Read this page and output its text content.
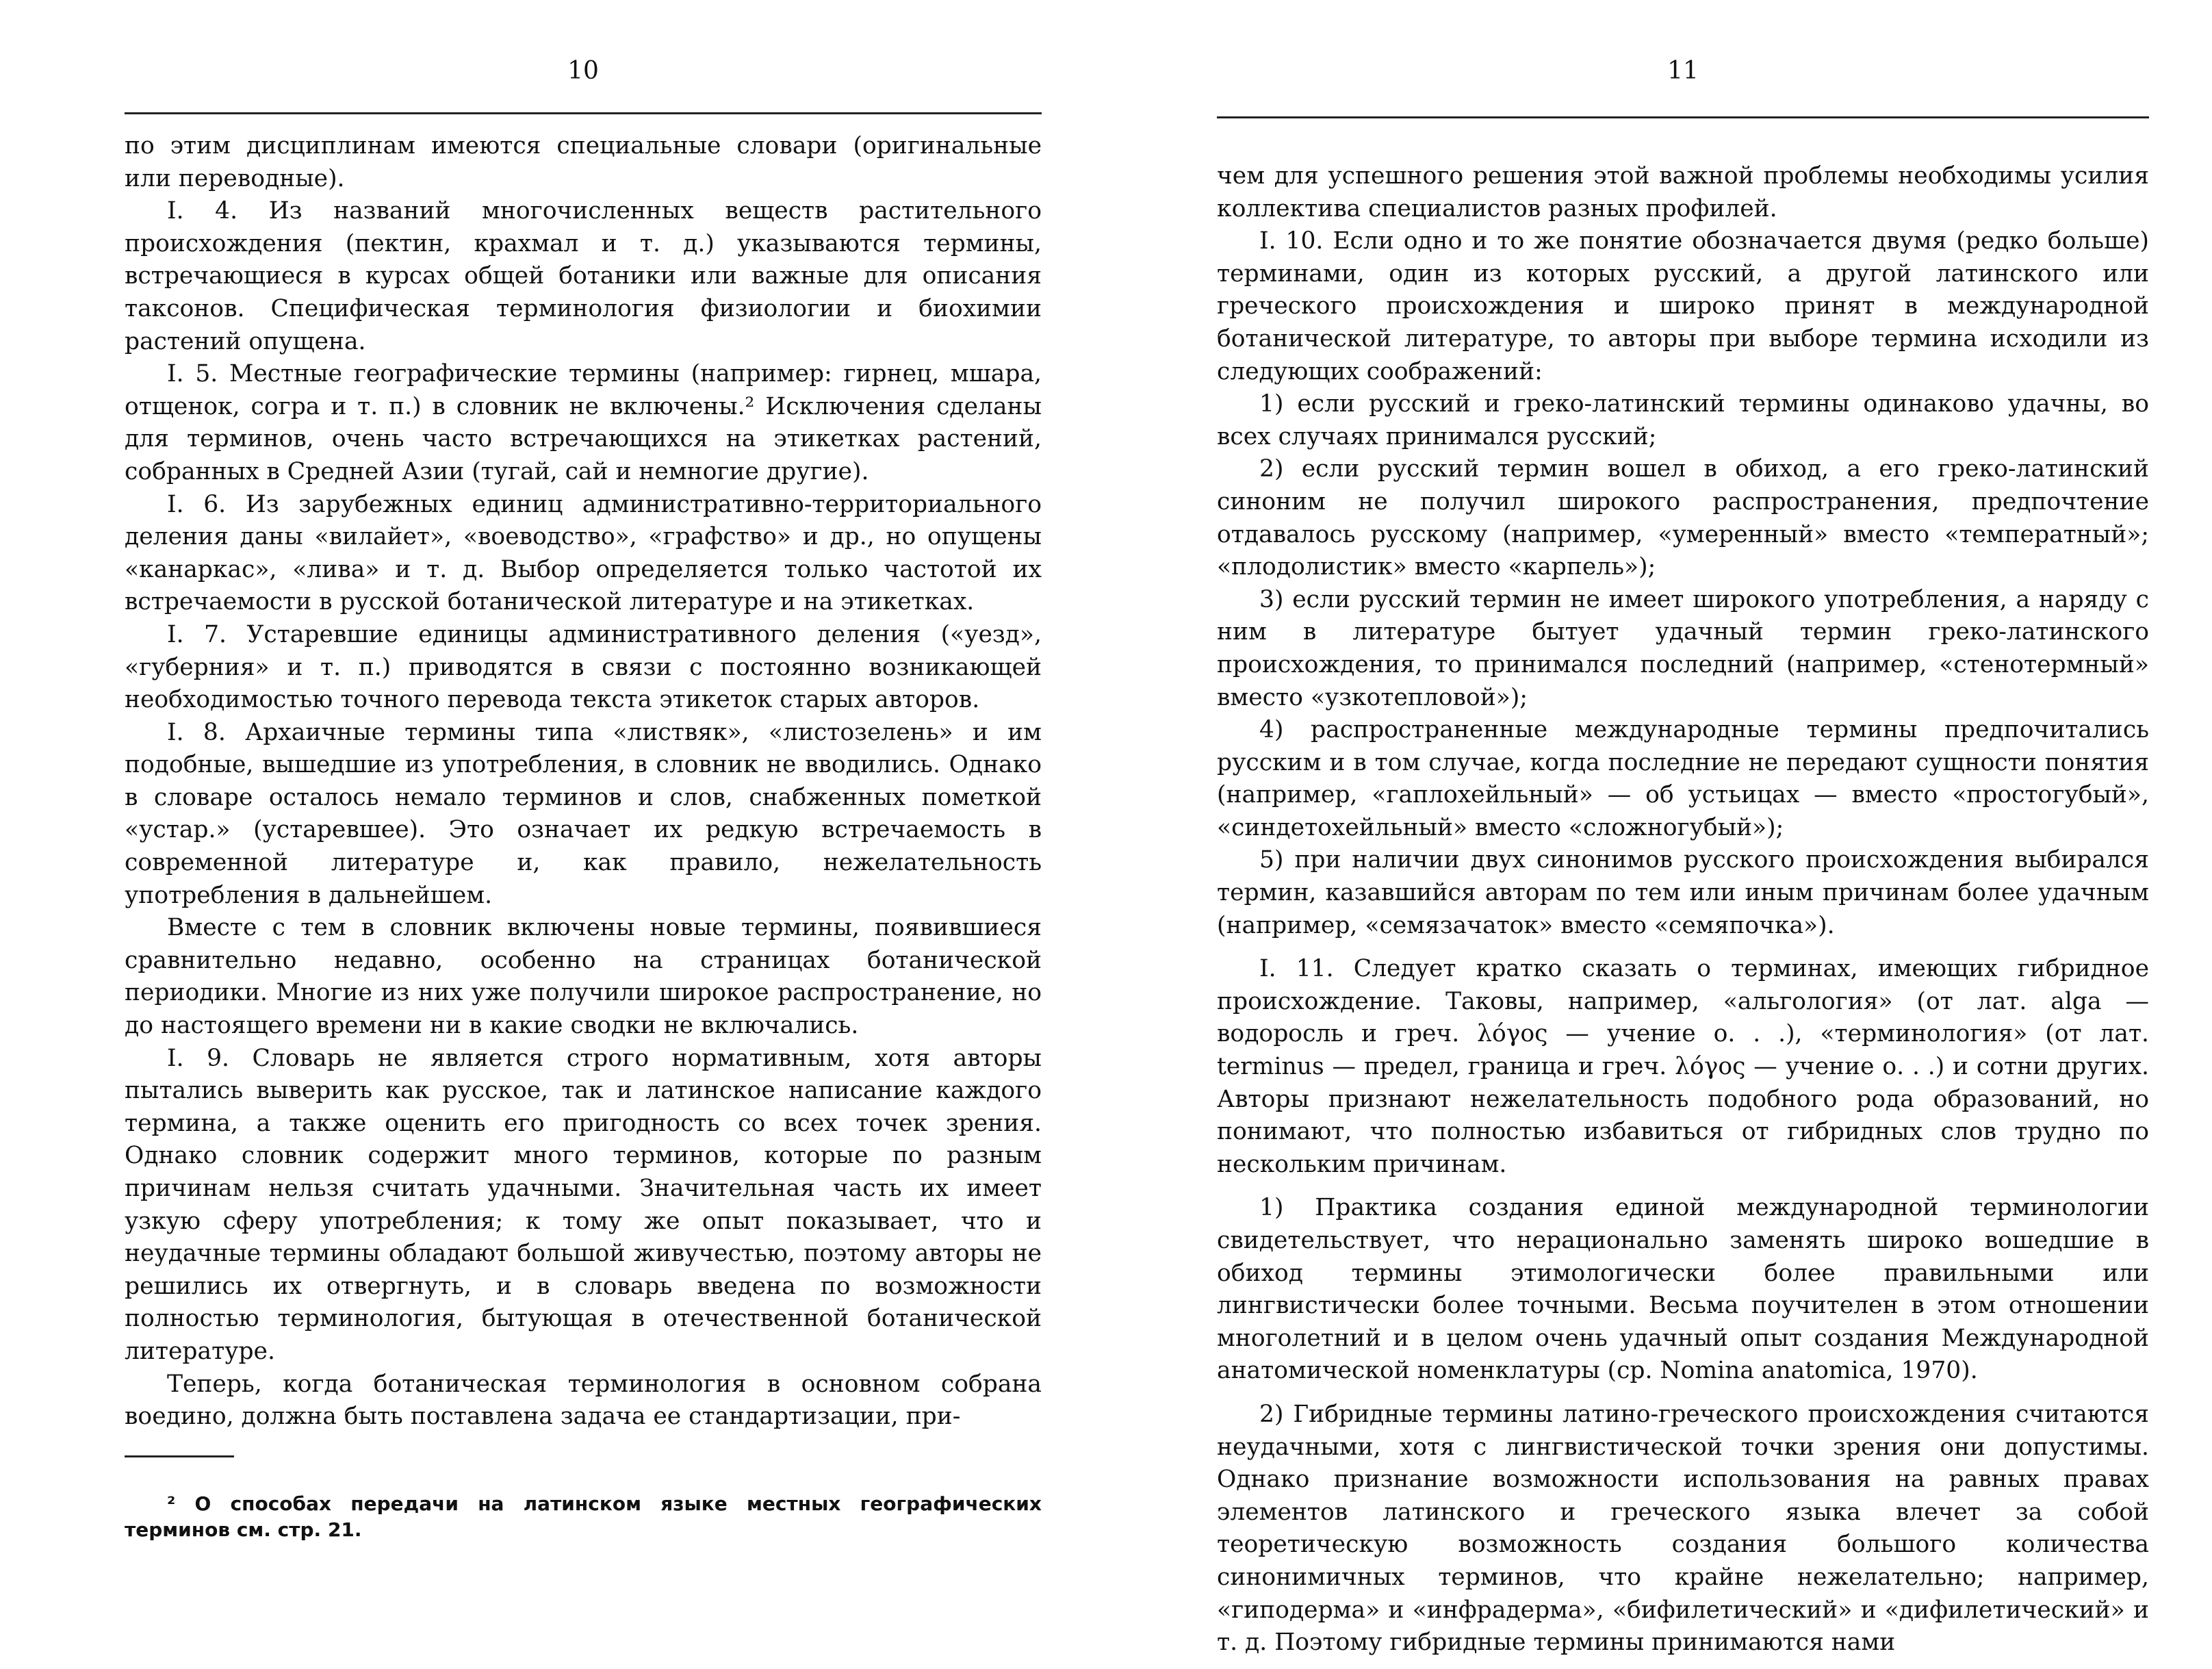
10

по этим дисциплинам имеются специальные словари (оригинальные или переводные).

I. 4. Из названий многочисленных веществ растительного происхождения (пектин, крахмал и т. д.) указываются термины, встречающиеся в курсах общей ботаники или важные для описания таксонов. Специфическая терминология физиологии и биохимии растений опущена.

I. 5. Местные географические термины (например: гирнец, мшара, отщенок, согра и т. п.) в словник не включены.² Исключения сделаны для терминов, очень часто встречающихся на этикетках растений, собранных в Средней Азии (тугай, сай и немногие другие).

I. 6. Из зарубежных единиц административно-территориального деления даны «вилайет», «воеводство», «графство» и др., но опущены «канаркас», «лива» и т. д. Выбор определяется только частотой их встречаемости в русской ботанической литературе и на этикетках.

I. 7. Устаревшие единицы административного деления («уезд», «губерния» и т. п.) приводятся в связи с постоянно возникающей необходимостью точного перевода текста этикеток старых авторов.

I. 8. Архаичные термины типа «листвяк», «листозелень» и им подобные, вышедшие из употребления, в словник не вводились. Однако в словаре осталось немало терминов и слов, снабженных пометкой «устар.» (устаревшее). Это означает их редкую встречаемость в современной литературе и, как правило, нежелательность употребления в дальнейшем.

Вместе с тем в словник включены новые термины, появившиеся сравнительно недавно, особенно на страницах ботанической периодики. Многие из них уже получили широкое распространение, но до настоящего времени ни в какие сводки не включались.

I. 9. Словарь не является строго нормативным, хотя авторы пытались выверить как русское, так и латинское написание каждого термина, а также оценить его пригодность со всех точек зрения. Однако словник содержит много терминов, которые по разным причинам нельзя считать удачными. Значительная часть их имеет узкую сферу употребления; к тому же опыт показывает, что и неудачные термины обладают большой живучестью, поэтому авторы не решились их отвергнуть, и в словарь введена по возможности полностью терминология, бытующая в отечественной ботанической литературе.

Теперь, когда ботаническая терминология в основном собрана воедино, должна быть поставлена задача ее стандартизации, при-

² О способах передачи на латинском языке местных географических терминов см. стр. 21.

11

чем для успешного решения этой важной проблемы необходимы усилия коллектива специалистов разных профилей.

I. 10. Если одно и то же понятие обозначается двумя (редко больше) терминами, один из которых русский, а другой латинского или греческого происхождения и широко принят в международной ботанической литературе, то авторы при выборе термина исходили из следующих соображений:

1) если русский и греко-латинский термины одинаково удачны, во всех случаях принимался русский;

2) если русский термин вошел в обиход, а его греко-латинский синоним не получил широкого распространения, предпочтение отдавалось русскому (например, «умеренный» вместо «температный»; «плодолистик» вместо «карпель»);

3) если русский термин не имеет широкого употребления, а наряду с ним в литературе бытует удачный термин греко-латинского происхождения, то принимался последний (например, «стенотермный» вместо «узкотепловой»);

4) распространенные международные термины предпочитались русским и в том случае, когда последние не передают сущности понятия (например, «гаплохейльный» — об устьицах — вместо «простогубый», «синдетохейльный» вместо «сложногубый»);

5) при наличии двух синонимов русского происхождения выбирался термин, казавшийся авторам по тем или иным причинам более удачным (например, «семязачаток» вместо «семяпочка»).

I. 11. Следует кратко сказать о терминах, имеющих гибридное происхождение. Таковы, например, «альгология» (от лат. alga — водоросль и греч. λόγος — учение о. . .), «терминология» (от лат. terminus — предел, граница и греч. λόγος — учение о. . .) и сотни других. Авторы признают нежелательность подобного рода образований, но понимают, что полностью избавиться от гибридных слов трудно по нескольким причинам.

1) Практика создания единой международной терминологии свидетельствует, что нерационально заменять широко вошедшие в обиход термины этимологически более правильными или лингвистически более точными. Весьма поучителен в этом отношении многолетний и в целом очень удачный опыт создания Международной анатомической номенклатуры (ср. Nomina anatomica, 1970).

2) Гибридные термины латино-греческого происхождения считаются неудачными, хотя с лингвистической точки зрения они допустимы. Однако признание возможности использования на равных правах элементов латинского и греческого языка влечет за собой теоретическую возможность создания большого количества синонимичных терминов, что крайне нежелательно; например, «гиподерма» и «инфрадерма», «бифилетический» и «дифилетический» и т. д. Поэтому гибридные термины принимаются нами
